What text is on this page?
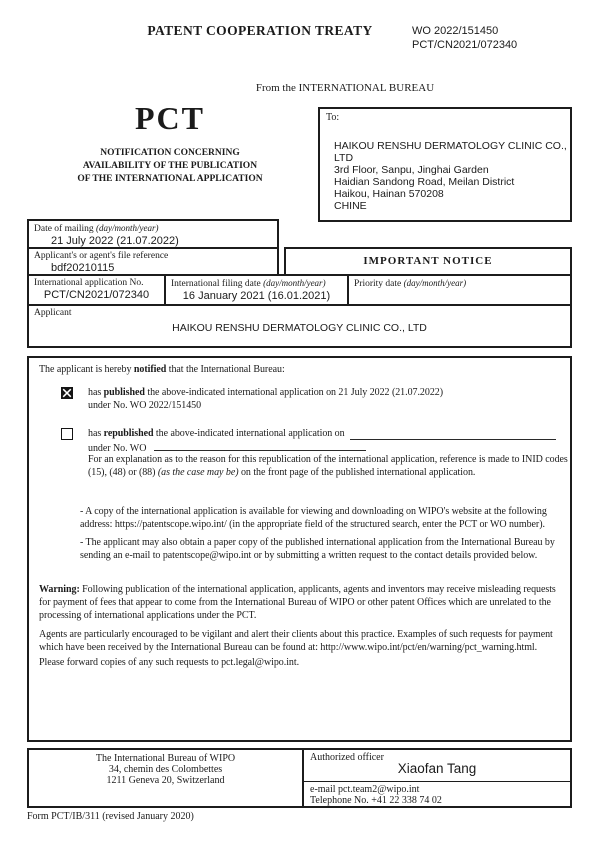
PATENT COOPERATION TREATY	WO 2022/151450
PCT/CN2021/072340
From the INTERNATIONAL BUREAU
PCT
NOTIFICATION CONCERNING
AVAILABILITY OF THE PUBLICATION
OF THE INTERNATIONAL APPLICATION
To:
HAIKOU RENSHU DERMATOLOGY CLINIC CO.,
LTD
3rd Floor, Sanpu, Jinghai Garden
Haidian Sandong Road, Meilan District
Haikou, Hainan 570208
CHINE
Date of mailing (day/month/year)
21 July 2022 (21.07.2022)
Applicant's or agent's file reference
bdf20210115
IMPORTANT NOTICE
International application No.
PCT/CN2021/072340
International filing date (day/month/year)
16 January 2021 (16.01.2021)
Priority date (day/month/year)
Applicant
HAIKOU RENSHU DERMATOLOGY CLINIC CO., LTD
The applicant is hereby notified that the International Bureau:
has published the above-indicated international application on 21 July 2022 (21.07.2022)
under No. WO 2022/151450
has republished the above-indicated international application on
under No. WO
For an explanation as to the reason for this republication of the international application, reference is made to INID codes (15), (48) or (88) (as the case may be) on the front page of the published international application.
- A copy of the international application is available for viewing and downloading on WIPO's website at the following address: https://patentscope.wipo.int/ (in the appropriate field of the structured search, enter the PCT or WO number).
- The applicant may also obtain a paper copy of the published international application from the International Bureau by sending an e-mail to patentscope@wipo.int or by submitting a written request to the contact details provided below.
Warning: Following publication of the international application, applicants, agents and inventors may receive misleading requests for payment of fees that appear to come from the International Bureau of WIPO or other patent Offices which are unrelated to the processing of international applications under the PCT.
Agents are particularly encouraged to be vigilant and alert their clients about this practice. Examples of such requests for payment which have been received by the International Bureau can be found at: http://www.wipo.int/pct/en/warning/pct_warning.html.
Please forward copies of any such requests to pct.legal@wipo.int.
The International Bureau of WIPO
34, chemin des Colombettes
1211 Geneva 20, Switzerland
Authorized officer
Xiaofan Tang
e-mail pct.team2@wipo.int
Telephone No. +41 22 338 74 02
Form PCT/IB/311 (revised January 2020)
